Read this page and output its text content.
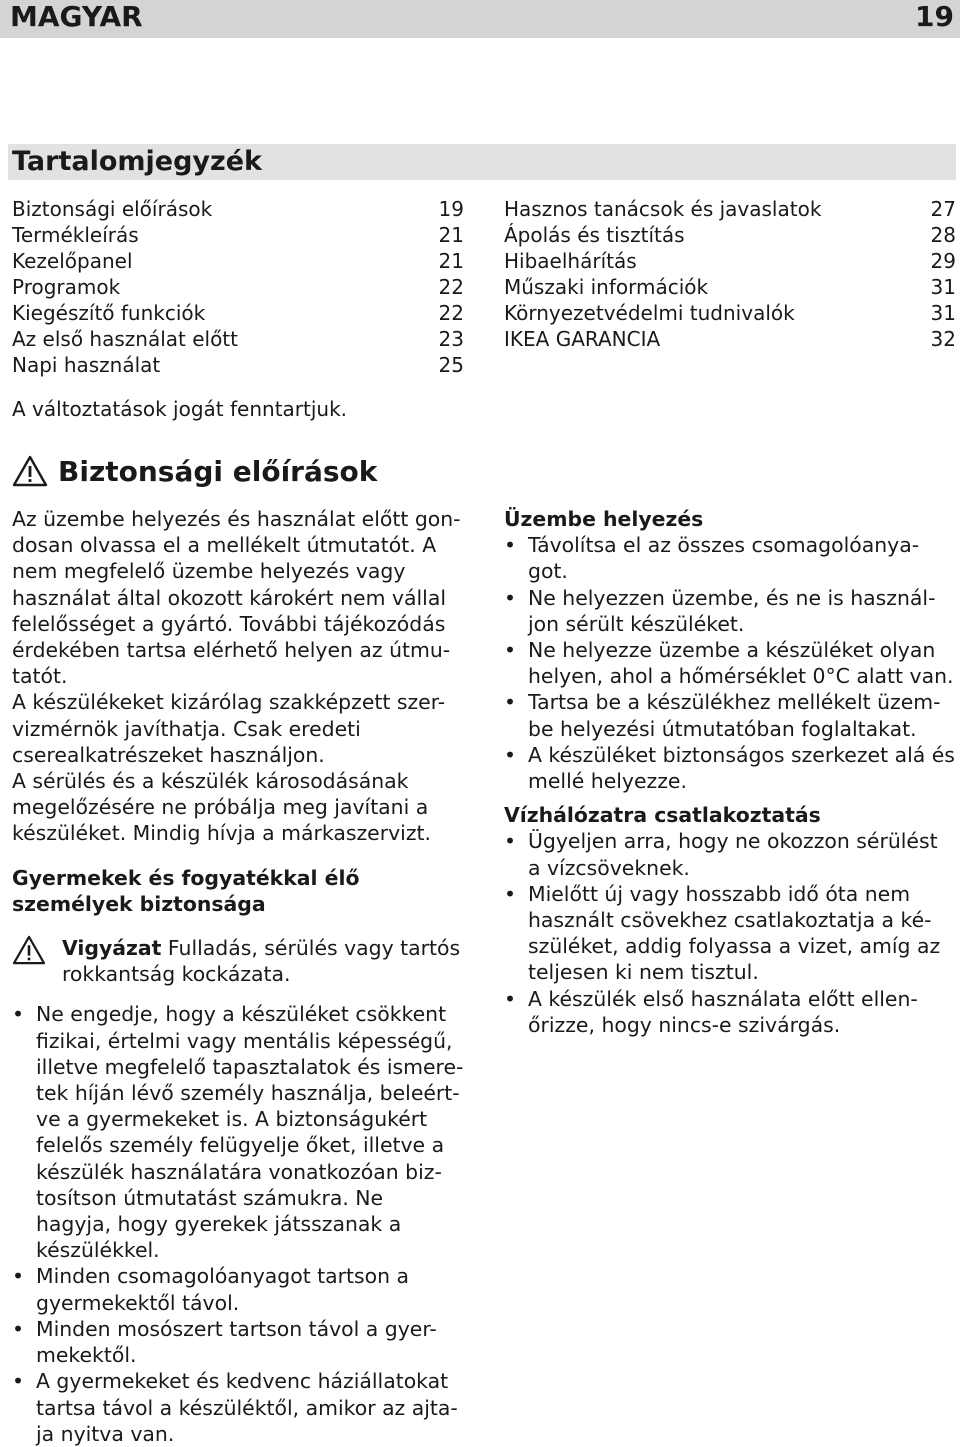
MAGYAR	19
Tartalomjegyzék
Biztonsági előírások	19
Termékleírás	21
Kezelőpanel	21
Programok	22
Kiegészítő funkciók	22
Az első használat előtt	23
Napi használat	25
Hasznos tanácsok és javaslatok	27
Ápolás és tisztítás	28
Hibaelhárítás	29
Műszaki információk	31
Környezetvédelmi tudnivalók	31
IKEA GARANCIA	32
A változtatások jogát fenntartjuk.
Biztonsági előírások

Az üzembe helyezés és használat előtt gon-

dosan olvassa el a mellékelt útmutatót. A

nem megfelelő üzembe helyezés vagy

használat által okozott károkért nem vállal

felelősséget a gyártó. További tájékozódás

érdekében tartsa elérhető helyen az útmu-

tatót.

A készülékeket kizárólag szakképzett szer-

vizmérnök javíthatja. Csak eredeti cserealkatrészeket használjon.

A sérülés és a készülék károsodásának

megelőzésére ne próbálja meg javítani a

készüléket. Mindig hívja a márkaszervizt.

Gyermekek és fogyatékkal élő személyek biztonsága
Vigyázat Fulladás, sérülés vagy tartós rokkantság kockázata.
• Ne engedje, hogy a készüléket csökkent fizikai, értelmi vagy mentális képességű, illetve megfelelő tapasztalatok és ismere-tek híján lévő személy használja, beleért-ve a gyermekeket is. A biztonságukért felelős személy felügyelje őket, illetve a készülék használatára vonatkozóan biz-tosítson útmutatást számukra. Ne hagyja, hogy gyerekek játsszanak a készülékkel.
• Minden csomagolóanyagot tartson a gyermekektől távol.
• Minden mosószert tartson távol a gyer-mekektől.
• A gyermekeket és kedvenc háziállatokat tartsa távol a készüléktől, amikor az ajta-ja nyitva van.
Üzembe helyezés
• Távolítsa el az összes csomagolóanya-got.
• Ne helyezzen üzembe, és ne is használ-jon sérült készüléket.
• Ne helyezze üzembe a készüléket olyan helyen, ahol a hőmérséklet 0°C alatt van.
• Tartsa be a készülékhez mellékelt üzem-be helyezési útmutatóban foglaltakat.
• A készüléket biztonságos szerkezet alá és mellé helyezze.
Vízhálózatra csatlakoztatás
• Ügyeljen arra, hogy ne okozzon sérülést a vízcsöveknek.
• Mielőtt új vagy hosszabb idő óta nem használt csövekhez csatlakoztatja a ké-szüléket, addig folyassa a vizet, amíg az teljesen ki nem tisztul.
• A készülék első használata előtt ellen-őrizze, hogy nincs-e szivárgás.
